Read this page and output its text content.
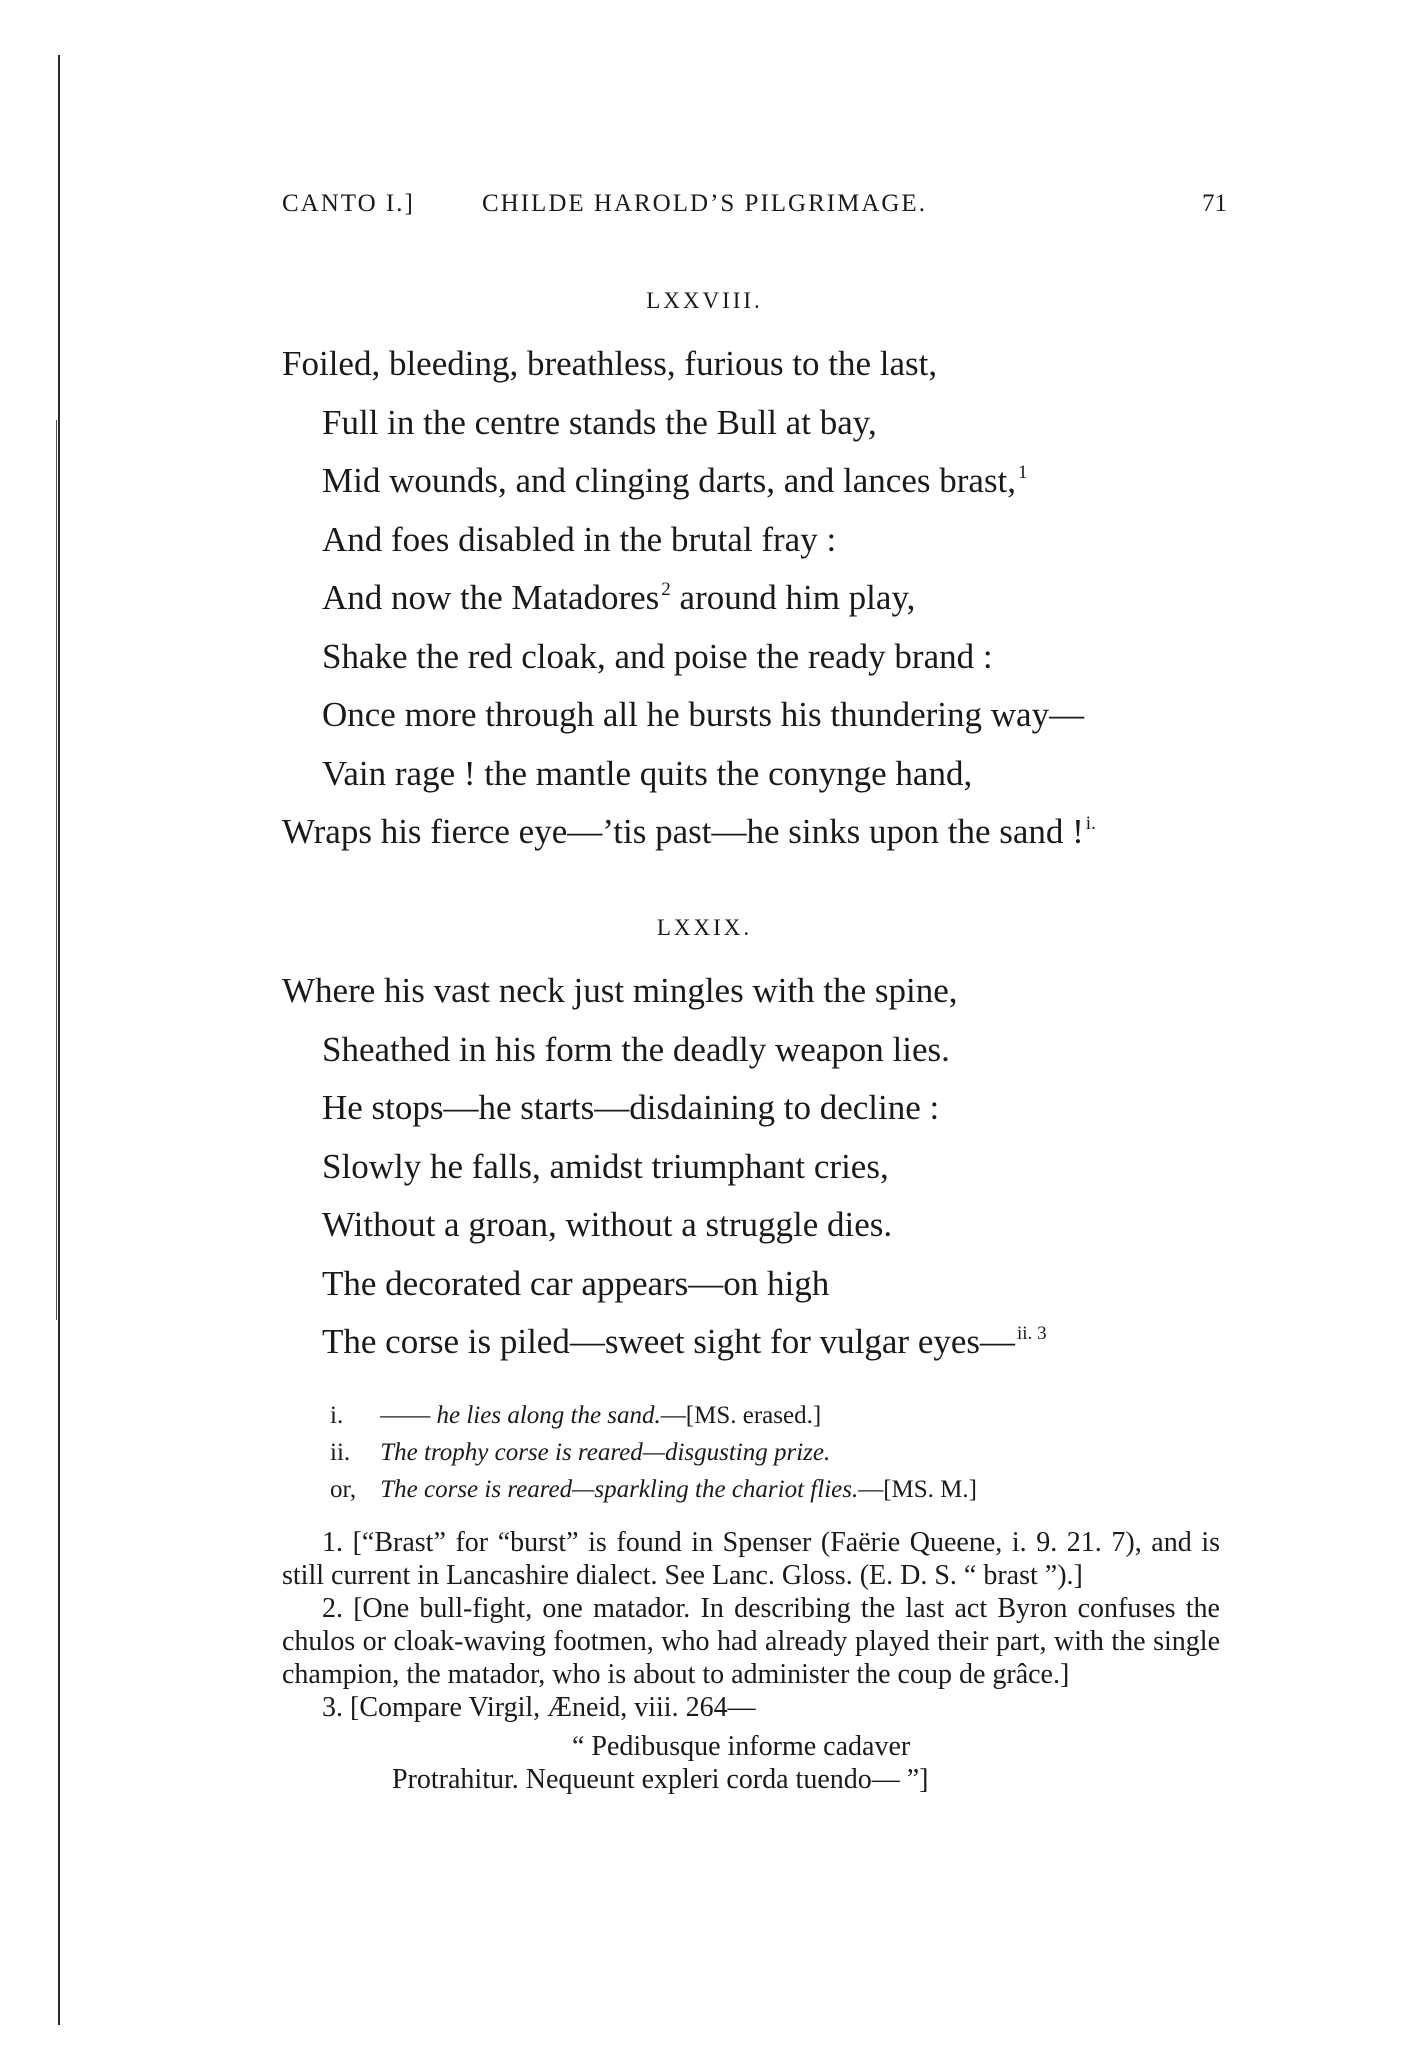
CANTO I.]	CHILDE HAROLD’S PILGRIMAGE.	71
LXXVIII.
Foiled, bleeding, breathless, furious to the last,
Full in the centre stands the Bull at bay,
Mid wounds, and clinging darts, and lances brast, $^1$
And foes disabled in the brutal fray :
And now the Matadores $^2$ around him play,
Shake the red cloak, and poise the ready brand :
Once more through all he bursts his thundering way—
Vain rage ! the mantle quits the conynge hand,
Wraps his fierce eye—’tis past—he sinks upon the sand ! $^{i.}$
LXXIX.
Where his vast neck just mingles with the spine,
Sheathed in his form the deadly weapon lies.
He stops—he starts—disdaining to decline :
Slowly he falls, amidst triumphant cries,
Without a groan, without a struggle dies.
The decorated car appears—on high
The corse is piled—sweet sight for vulgar eyes— $^{ii. 3}$
i. —— he lies along the sand.—[MS. erased.]
ii. The trophy corse is reared—disgusting prize.
or, The corse is reared—sparkling the chariot flies.—[MS. M.]

1. [“Brast” for “burst” is found in Spenser (Faërie Queene, i. 9. 21. 7), and is still current in Lancashire dialect. See Lanc. Gloss. (E. D. S. “ brast ”).]

2. [One bull-fight, one matador. In describing the last act Byron confuses the chulos or cloak-waving footmen, who had already played their part, with the single champion, the matador, who is about to administer the coup de grâce.]

3. [Compare Virgil, Æneid, viii. 264—

“ Pedibusque informe cadaver

Protrahitur. Nequeunt expleri corda tuendo— ”]
